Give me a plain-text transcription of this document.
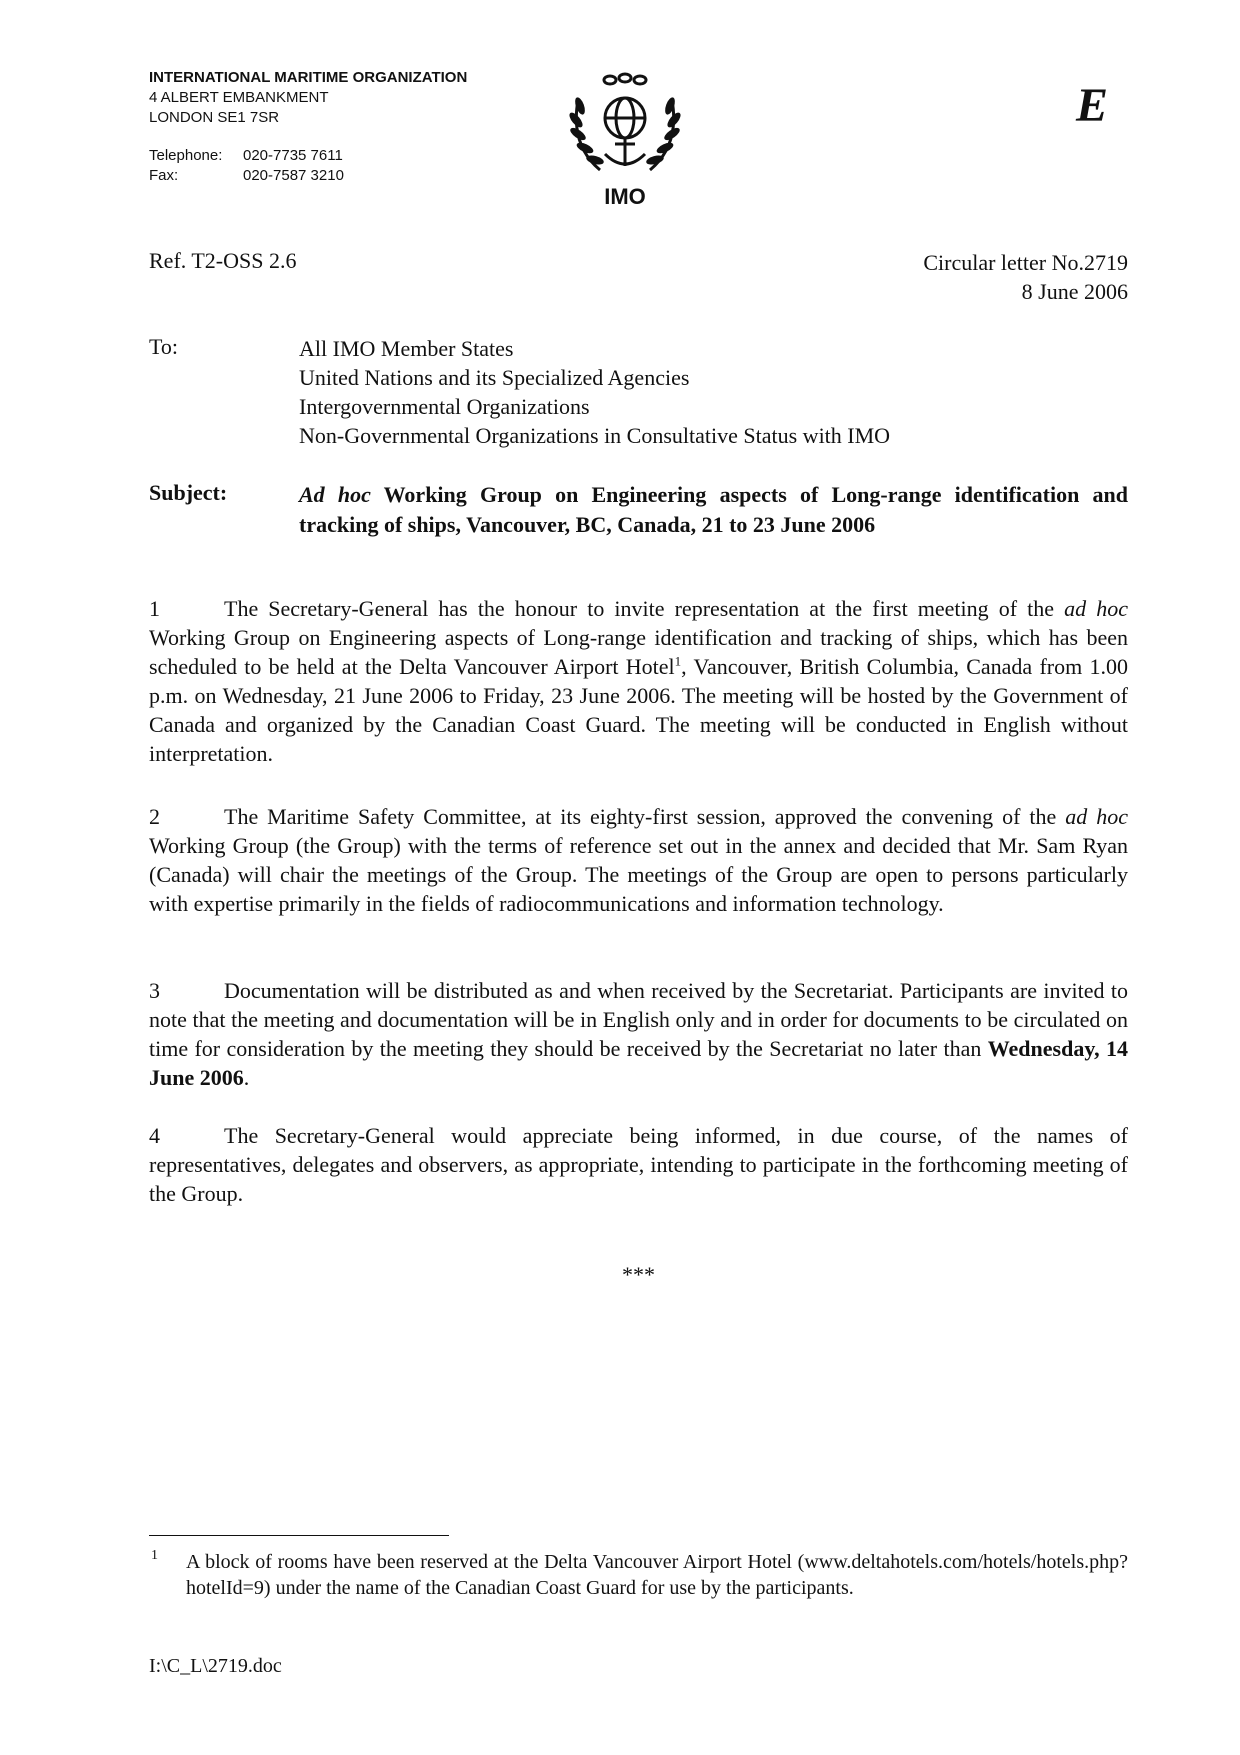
INTERNATIONAL MARITIME ORGANIZATION
4 ALBERT EMBANKMENT
LONDON SE1 7SR
Telephone:	020-7735 7611
Fax:	020-7587 3210
IMO
E
Ref. T2-OSS 2.6	Circular letter No.2719
8 June 2006
To:	All IMO Member States
United Nations and its Specialized Agencies
Intergovernmental Organizations
Non-Governmental Organizations in Consultative Status with IMO
Subject:	Ad hoc Working Group on Engineering aspects of Long-range identification and tracking of ships, Vancouver, BC, Canada, 21 to 23 June 2006
1	The Secretary-General has the honour to invite representation at the first meeting of the ad hoc Working Group on Engineering aspects of Long-range identification and tracking of ships, which has been scheduled to be held at the Delta Vancouver Airport Hotel$^1$, Vancouver, British Columbia, Canada from 1.00 p.m. on Wednesday, 21 June 2006 to Friday, 23 June 2006. The meeting will be hosted by the Government of Canada and organized by the Canadian Coast Guard. The meeting will be conducted in English without interpretation.
2	The Maritime Safety Committee, at its eighty-first session, approved the convening of the ad hoc Working Group (the Group) with the terms of reference set out in the annex and decided that Mr. Sam Ryan (Canada) will chair the meetings of the Group. The meetings of the Group are open to persons particularly with expertise primarily in the fields of radiocommunications and information technology.
3	Documentation will be distributed as and when received by the Secretariat. Participants are invited to note that the meeting and documentation will be in English only and in order for documents to be circulated on time for consideration by the meeting they should be received by the Secretariat no later than Wednesday, 14 June 2006.
4	The Secretary-General would appreciate being informed, in due course, of the names of representatives, delegates and observers, as appropriate, intending to participate in the forthcoming meeting of the Group.
***
1 A block of rooms have been reserved at the Delta Vancouver Airport Hotel (www.deltahotels.com/hotels/hotels.php?hotelId=9) under the name of the Canadian Coast Guard for use by the participants.
I:\C_L\2719.doc
